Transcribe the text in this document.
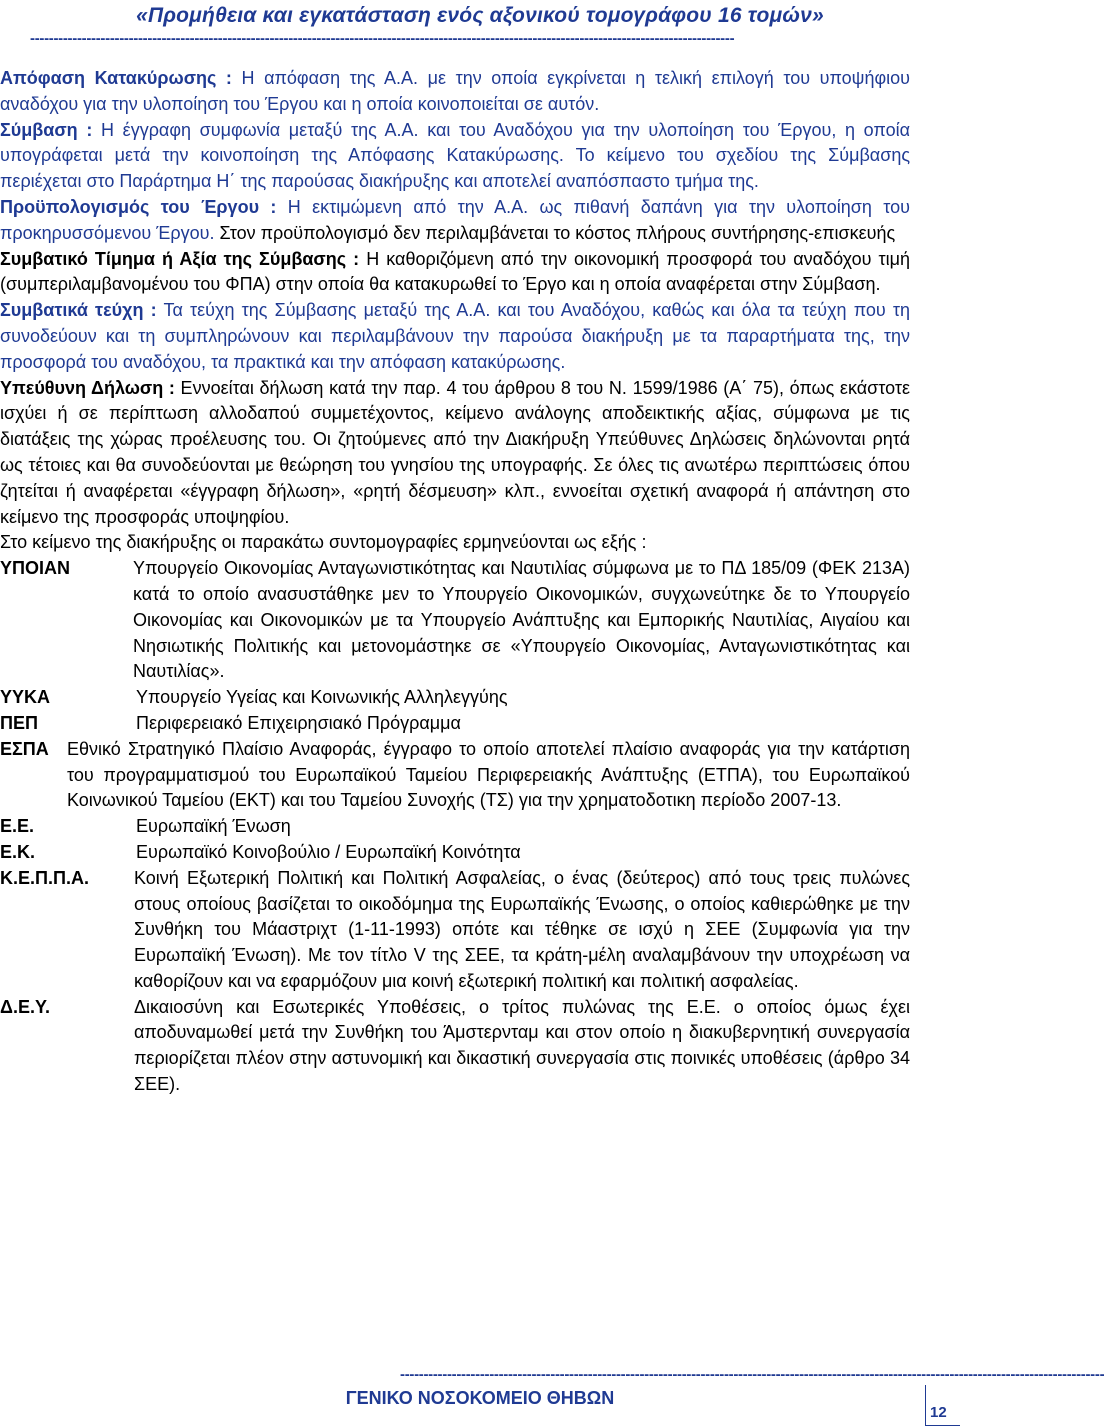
«Προμήθεια και εγκατάσταση ενός αξονικού τομογράφου 16 τομών»
------------------------------------------------------------------------------------------------------------------------------------------------------

Απόφαση Κατακύρωσης : Η απόφαση της Α.Α. με την οποία εγκρίνεται η τελική επιλογή του υποψήφιου αναδόχου για την υλοποίηση του Έργου και η οποία κοινοποιείται σε αυτόν.

Σύμβαση : Η έγγραφη συμφωνία μεταξύ της Α.Α. και του Αναδόχου για την υλοποίηση του Έργου, η οποία υπογράφεται μετά την κοινοποίηση της Απόφασης Κατακύρωσης. Το κείμενο του σχεδίου της Σύμβασης περιέχεται στο Παράρτημα Η΄ της παρούσας διακήρυξης και αποτελεί αναπόσπαστο τμήμα της.

Προϋπολογισμός του Έργου : Η εκτιμώμενη από την Α.Α. ως πιθανή δαπάνη για την υλοποίηση του προκηρυσσόμενου Έργου. Στον προϋπολογισμό δεν περιλαμβάνεται το κόστος πλήρους συντήρησης-επισκευής

Συμβατικό Τίμημα ή Αξία της Σύμβασης : Η καθοριζόμενη από την οικονομική προσφορά του αναδόχου τιμή (συμπεριλαμβανομένου του ΦΠΑ) στην οποία θα κατακυρωθεί το Έργο και η οποία αναφέρεται στην Σύμβαση.

Συμβατικά τεύχη : Τα τεύχη της Σύμβασης μεταξύ της Α.Α. και του Αναδόχου, καθώς και όλα τα τεύχη που τη συνοδεύουν και τη συμπληρώνουν και περιλαμβάνουν την παρούσα διακήρυξη με τα παραρτήματα της, την προσφορά του αναδόχου, τα πρακτικά και την απόφαση κατακύρωσης.

Υπεύθυνη Δήλωση : Εννοείται δήλωση κατά την παρ. 4 του άρθρου 8 του Ν. 1599/1986 (Α΄ 75), όπως εκάστοτε ισχύει ή σε περίπτωση αλλοδαπού συμμετέχοντος, κείμενο ανάλογης αποδεικτικής αξίας, σύμφωνα με τις διατάξεις της χώρας προέλευσης του. Οι ζητούμενες από την Διακήρυξη Υπεύθυνες Δηλώσεις δηλώνονται ρητά ως τέτοιες και θα συνοδεύονται με θεώρηση του γνησίου της υπογραφής. Σε όλες τις ανωτέρω περιπτώσεις όπου ζητείται ή αναφέρεται «έγγραφη δήλωση», «ρητή δέσμευση» κλπ., εννοείται σχετική αναφορά ή απάντηση στο κείμενο της προσφοράς υποψηφίου.

Στο κείμενο της διακήρυξης οι παρακάτω συντομογραφίες ερμηνεύονται ως εξής :

ΥΠΟΙΑΝ	Υπουργείο Οικονομίας Ανταγωνιστικότητας και Ναυτιλίας σύμφωνα με το ΠΔ 185/09 (ΦΕΚ 213Α) κατά το οποίο ανασυστάθηκε μεν το Υπουργείο Οικονομικών, συγχωνεύτηκε δε το Υπουργείο Οικονομίας και Οικονομικών με τα Υπουργείο Ανάπτυξης και Εμπορικής Ναυτιλίας, Αιγαίου και Νησιωτικής Πολιτικής και μετονομάστηκε σε «Υπουργείο Οικονομίας, Ανταγωνιστικότητας και Ναυτιλίας».
ΥΥΚΑ	Υπουργείο Υγείας και Κοινωνικής Αλληλεγγύης
ΠΕΠ	Περιφερειακό Επιχειρησιακό Πρόγραμμα
ΕΣΠΑ	Εθνικό Στρατηγικό Πλαίσιο Αναφοράς, έγγραφο το οποίο αποτελεί πλαίσιο αναφοράς για την κατάρτιση του προγραμματισμού του Ευρωπαϊκού Ταμείου Περιφερειακής Ανάπτυξης (ΕΤΠΑ), του Ευρωπαϊκού Κοινωνικού Ταμείου (ΕΚΤ) και του Ταμείου Συνοχής (ΤΣ) για την χρηματοδοτικη περίοδο 2007-13.
Ε.Ε.	Ευρωπαϊκή Ένωση
Ε.Κ.	Ευρωπαϊκό Κοινοβούλιο / Ευρωπαϊκή Κοινότητα
Κ.Ε.Π.Π.Α.	Κοινή Εξωτερική Πολιτική και Πολιτική Ασφαλείας, ο ένας (δεύτερος) από τους τρεις πυλώνες στους οποίους βασίζεται το οικοδόμημα της Ευρωπαϊκής Ένωσης, ο οποίος καθιερώθηκε με την Συνθήκη του Μάαστριχτ (1-11-1993) οπότε και τέθηκε σε ισχύ η ΣΕΕ (Συμφωνία για την Ευρωπαϊκή Ένωση). Με τον τίτλο V της ΣΕΕ, τα κράτη-μέλη αναλαμβάνουν την υποχρέωση να καθορίζουν και να εφαρμόζουν μια κοινή εξωτερική πολιτική και πολιτική ασφαλείας.
Δ.Ε.Υ.	Δικαιοσύνη και Εσωτερικές Υποθέσεις, ο τρίτος πυλώνας της Ε.Ε. ο οποίος όμως έχει αποδυναμωθεί μετά την Συνθήκη του Άμστερνταμ και στον οποίο η διακυβερνητική συνεργασία περιορίζεται πλέον στην αστυνομική και δικαστική συνεργασία στις ποινικές υποθέσεις (άρθρο 34 ΣΕΕ).
------------------------------------------------------------------------------------------------------------------------------------------------------
ΓΕΝΙΚΟ ΝΟΣΟΚΟΜΕΙΟ ΘΗΒΩΝ
12
